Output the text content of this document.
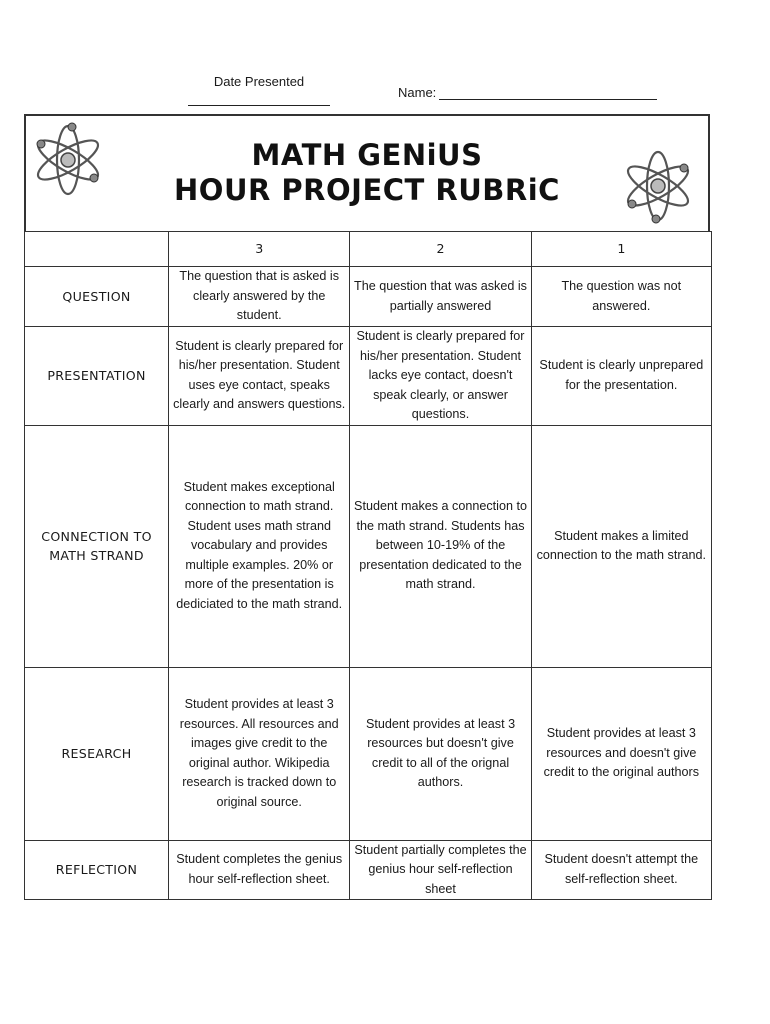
Date Presented
Name:
MATH GENiUS
HOUR PROJECT RUBRiC
	3	2	1
QUESTION	The question that is asked is clearly answered by the student.	The question that was asked is partially answered	The question was not answered.
PRESENTATION	Student is clearly prepared for his/her presentation. Student uses eye contact, speaks clearly and answers questions.	Student is clearly prepared for his/her presentation. Student lacks eye contact, doesn't speak clearly, or answer questions.	Student is clearly unprepared for the presentation.
CONNECTION TO MATH STRAND	Student makes exceptional connection to math strand. Student uses math strand vocabulary and provides multiple examples. 20% or more of the presentation is dediciated to the math strand.	Student makes a connection to the math strand. Students has between 10-19% of the presentation dedicated to the math strand.	Student makes a limited connection to the math strand.
RESEARCH	Student provides at least 3 resources. All resources and images give credit to the original author. Wikipedia research is tracked down to original source.	Student provides at least 3 resources but doesn't give credit to all of the orignal authors.	Student provides at least 3 resources and doesn't give credit to the original authors
REFLECTION	Student completes the genius hour self-reflection sheet.	Student partially completes the genius hour self-reflection sheet	Student doesn't attempt the self-reflection sheet.
